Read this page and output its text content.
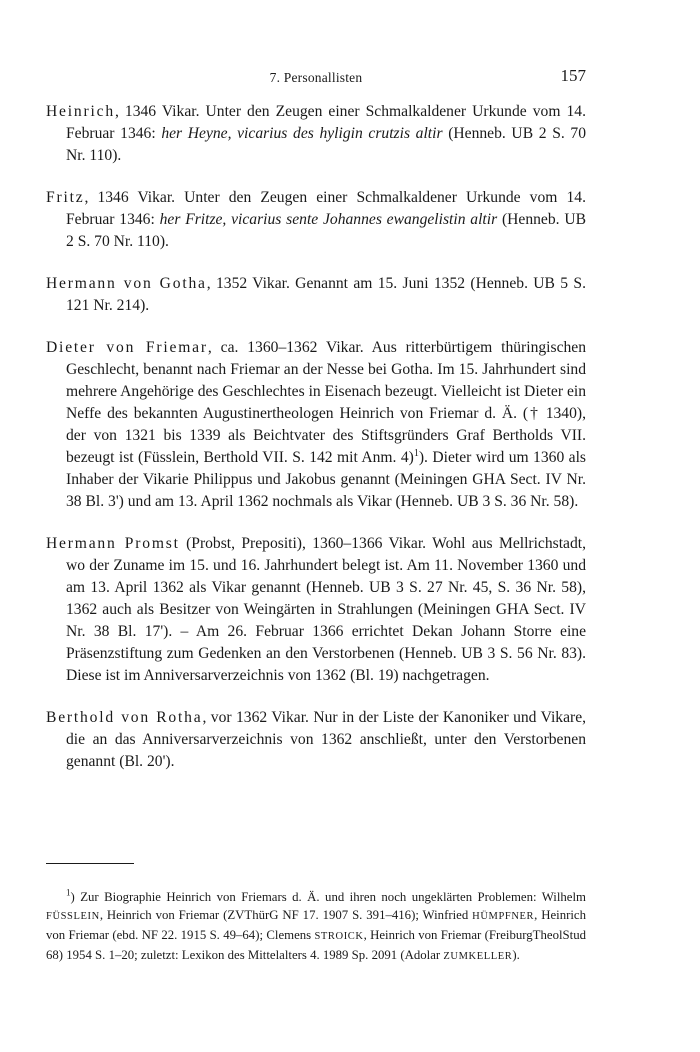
7. Personallisten	157

Heinrich, 1346 Vikar. Unter den Zeugen einer Schmalkaldener Urkunde vom 14. Februar 1346: her Heyne, vicarius des hyligin crutzis altir (Henneb. UB 2 S. 70 Nr. 110).

Fritz, 1346 Vikar. Unter den Zeugen einer Schmalkaldener Urkunde vom 14. Februar 1346: her Fritze, vicarius sente Johannes ewangelistin altir (Henneb. UB 2 S. 70 Nr. 110).

Hermann von Gotha, 1352 Vikar. Genannt am 15. Juni 1352 (Henneb. UB 5 S. 121 Nr. 214).

Dieter von Friemar, ca. 1360–1362 Vikar. Aus ritterbürtigem thüringischen Geschlecht, benannt nach Friemar an der Nesse bei Gotha. Im 15. Jahrhundert sind mehrere Angehörige des Geschlechtes in Eisenach bezeugt. Vielleicht ist Dieter ein Neffe des bekannten Augustinertheologen Heinrich von Friemar d. Ä. († 1340), der von 1321 bis 1339 als Beichtvater des Stiftsgründers Graf Bertholds VII. bezeugt ist (Füsslein, Berthold VII. S. 142 mit Anm. 4)$^1$). Dieter wird um 1360 als Inhaber der Vikarie Philippus und Jakobus genannt (Meiningen GHA Sect. IV Nr. 38 Bl. 3') und am 13. April 1362 nochmals als Vikar (Henneb. UB 3 S. 36 Nr. 58).

Hermann Promst (Probst, Prepositi), 1360–1366 Vikar. Wohl aus Mellrichstadt, wo der Zuname im 15. und 16. Jahrhundert belegt ist. Am 11. November 1360 und am 13. April 1362 als Vikar genannt (Henneb. UB 3 S. 27 Nr. 45, S. 36 Nr. 58), 1362 auch als Besitzer von Weingärten in Strahlungen (Meiningen GHA Sect. IV Nr. 38 Bl. 17'). – Am 26. Februar 1366 errichtet Dekan Johann Storre eine Präsenzstiftung zum Gedenken an den Verstorbenen (Henneb. UB 3 S. 56 Nr. 83). Diese ist im Anniversarverzeichnis von 1362 (Bl. 19) nachgetragen.

Berthold von Rotha, vor 1362 Vikar. Nur in der Liste der Kanoniker und Vikare, die an das Anniversarverzeichnis von 1362 anschließt, unter den Verstorbenen genannt (Bl. 20').

$^1$) Zur Biographie Heinrich von Friemars d. Ä. und ihren noch ungeklärten Problemen: Wilhelm FÜSSLEIN, Heinrich von Friemar (ZVThürG NF 17. 1907 S. 391–416); Winfried HÜMPFNER, Heinrich von Friemar (ebd. NF 22. 1915 S. 49–64); Clemens STROICK, Heinrich von Friemar (FreiburgTheolStud 68) 1954 S. 1–20; zuletzt: Lexikon des Mittelalters 4. 1989 Sp. 2091 (Adolar ZUMKELLER).
